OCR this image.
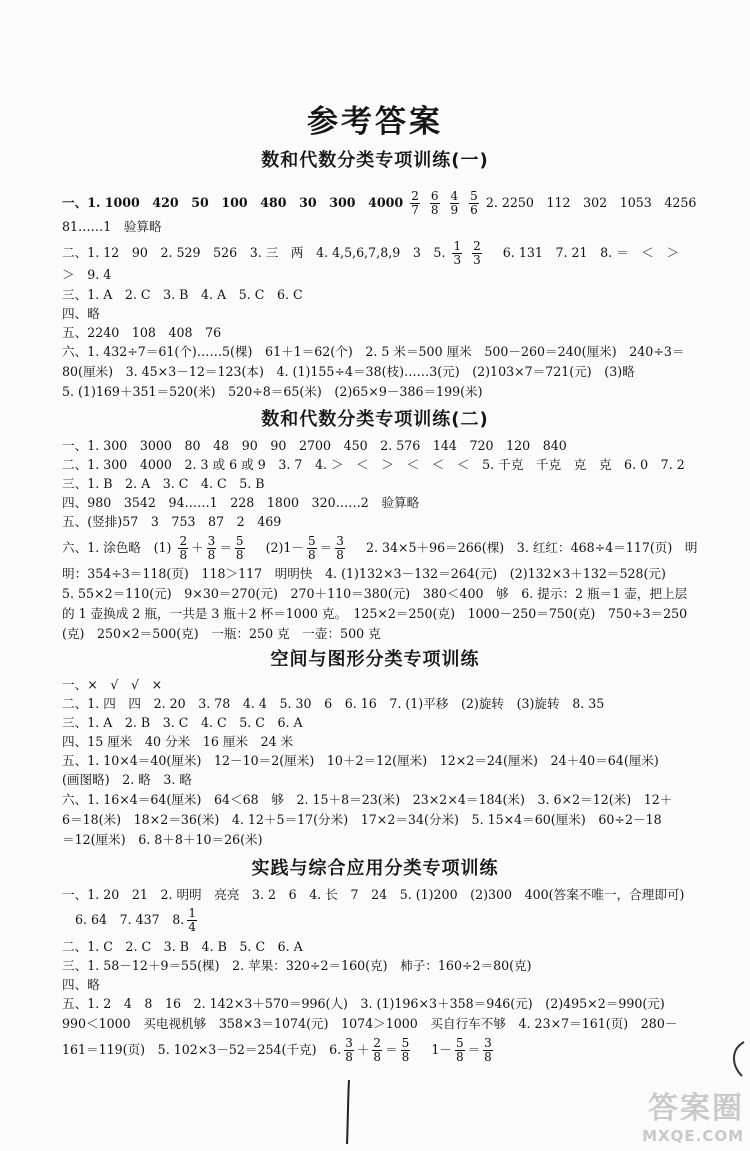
参考答案
数和代数分类专项训练(一)
一、1. 1000　420　50　100　480　30　300　$4000 \frac{2}{7}$
$\frac{6}{8}$
$\frac{4}{9}$
$\frac{5}{6} 2$. 2250　112　302　1053　4256
81……1　验算略
二、1. 12　90　2. 529　526　3. 三　两　4. 4,5,6,7,8,9　3　5. $\frac{1}{3}$
$\frac{2}{3} 6$. 131　7. 21　8. ＝　＜　＞
＞　9. 4
三、1. A　2. C　3. B　4. A　5. C　6. C
四、略
五、2240　108　408　76
六、1. 432÷7＝61(个)……5(棵)　61＋1＝62(个)　2. 5 米＝500 厘米　500－260＝240(厘米)　240÷3＝
80(厘米)　3. 45×3－12＝123(本)　4. (1)155÷4＝38(枝)……3(元)　(2)103×7＝721(元)　(3)略
5. (1)169＋351＝520(米)　520÷8＝65(米)　(2)65×9－386＝199(米)
数和代数分类专项训练(二)
一、1. 300　3000　80　48　90　90　2700　450　2. 576　144　720　120　840
二、1. 300　4000　2. 3 或 6 或 9　3. 7　4. ＞　＜　＞　＜　＜　＜　5. 千克　千克　克　克　6. 0　7. 2
三、1. B　2. A　3. C　4. C　5. B
四、980　3542　94……1　228　1800　320……2　验算略
五、(竖排)57　3　753　87　2　469
六、1. 涂色略　$(1) \frac{2}{8} + \frac{3}{8} = \frac{5}{8} (2)1- \frac{5}{8} = \frac{3}{8} 2$. 34×5＋96＝266(棵)　3. 红红：468÷4＝117(页)　明
明：354÷3＝118(页)　118＞117　明明快　4. (1)132×3－132＝264(元)　(2)132×3＋132＝528(元)
5. 55×2＝110(元)　9×30＝270(元)　270＋110＝380(元)　380＜400　够　6. 提示：2 瓶＝1 壶，把上层
的 1 壶换成 2 瓶，一共是 3 瓶＋2 杯＝1000 克。　125×2＝250(克)　1000－250＝750(克)　750÷3＝250
(克)　250×2＝500(克)　一瓶：250 克　一壶：500 克
空间与图形分类专项训练
一、×　√　√　×
二、1. 四　四　2. 20　3. 78　4. 4　5. 30　6　6. 16　7. (1)平移　(2)旋转　(3)旋转　8. 35
三、1. A　2. B　3. C　4. C　5. C　6. A
四、15 厘米　40 分米　16 厘米　24 米
五、1. 10×4＝40(厘米)　12－10＝2(厘米)　10＋2＝12(厘米)　12×2＝24(厘米)　24＋40＝64(厘米)
(画图略)　2. 略　3. 略
六、1. 16×4＝64(厘米)　64＜68　够　2. 15＋8＝23(米)　23×2×4＝184(米)　3. 6×2＝12(米)　12＋
6＝18(米)　18×2＝36(米)　4. 12＋5＝17(分米)　17×2＝34(分米)　5. 15×4＝60(厘米)　60÷2－18
＝12(厘米)　6. 8＋8＋10＝26(米)
实践与综合应用分类专项训练
一、1. 20　21　2. 明明　亮亮　3. 2　6　4. 长　7　24　5. (1)200　(2)300　400(答案不唯一，合理即可)
6. 64　7. 437　8. $\frac{1}{4}$
二、1. C　2. C　3. B　4. B　5. C　6. A
三、1. 58－12＋9＝55(棵)　2. 苹果：320÷2＝160(克)　柿子：160÷2＝80(克)
四、略
五、1. 2　4　8　16　2. 142×3＋570＝996(人)　3. (1)196×3＋358＝946(元)　(2)495×2＝990(元)
990＜1000　买电视机够　358×3＝1074(元)　1074＞1000　买自行车不够　4. 23×7＝161(页)　280－
161＝119(页)　5. 102×3－52＝254(千克)　6. $\frac{3}{8} + \frac{2}{8} = \frac{5}{8} 1- \frac{5}{8} = \frac{3}{8}$
答案圈
MXQE.COM
